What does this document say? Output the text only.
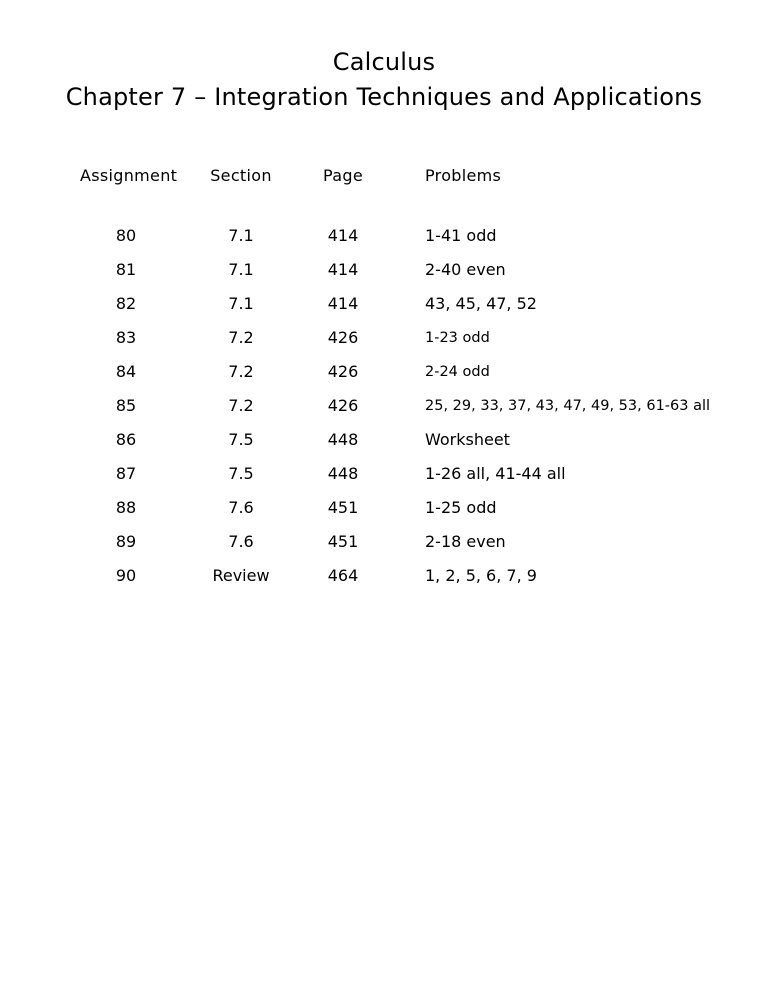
Calculus
Chapter 7 – Integration Techniques and Applications
Assignment	Section	Page	Problems
80	7.1	414	1-41 odd
81	7.1	414	2-40 even
82	7.1	414	43, 45, 47, 52
83	7.2	426	1-23 odd
84	7.2	426	2-24 odd
85	7.2	426	25, 29, 33, 37, 43, 47, 49, 53, 61-63 all
86	7.5	448	Worksheet
87	7.5	448	1-26 all, 41-44 all
88	7.6	451	1-25 odd
89	7.6	451	2-18 even
90	Review	464	1, 2, 5, 6, 7, 9
